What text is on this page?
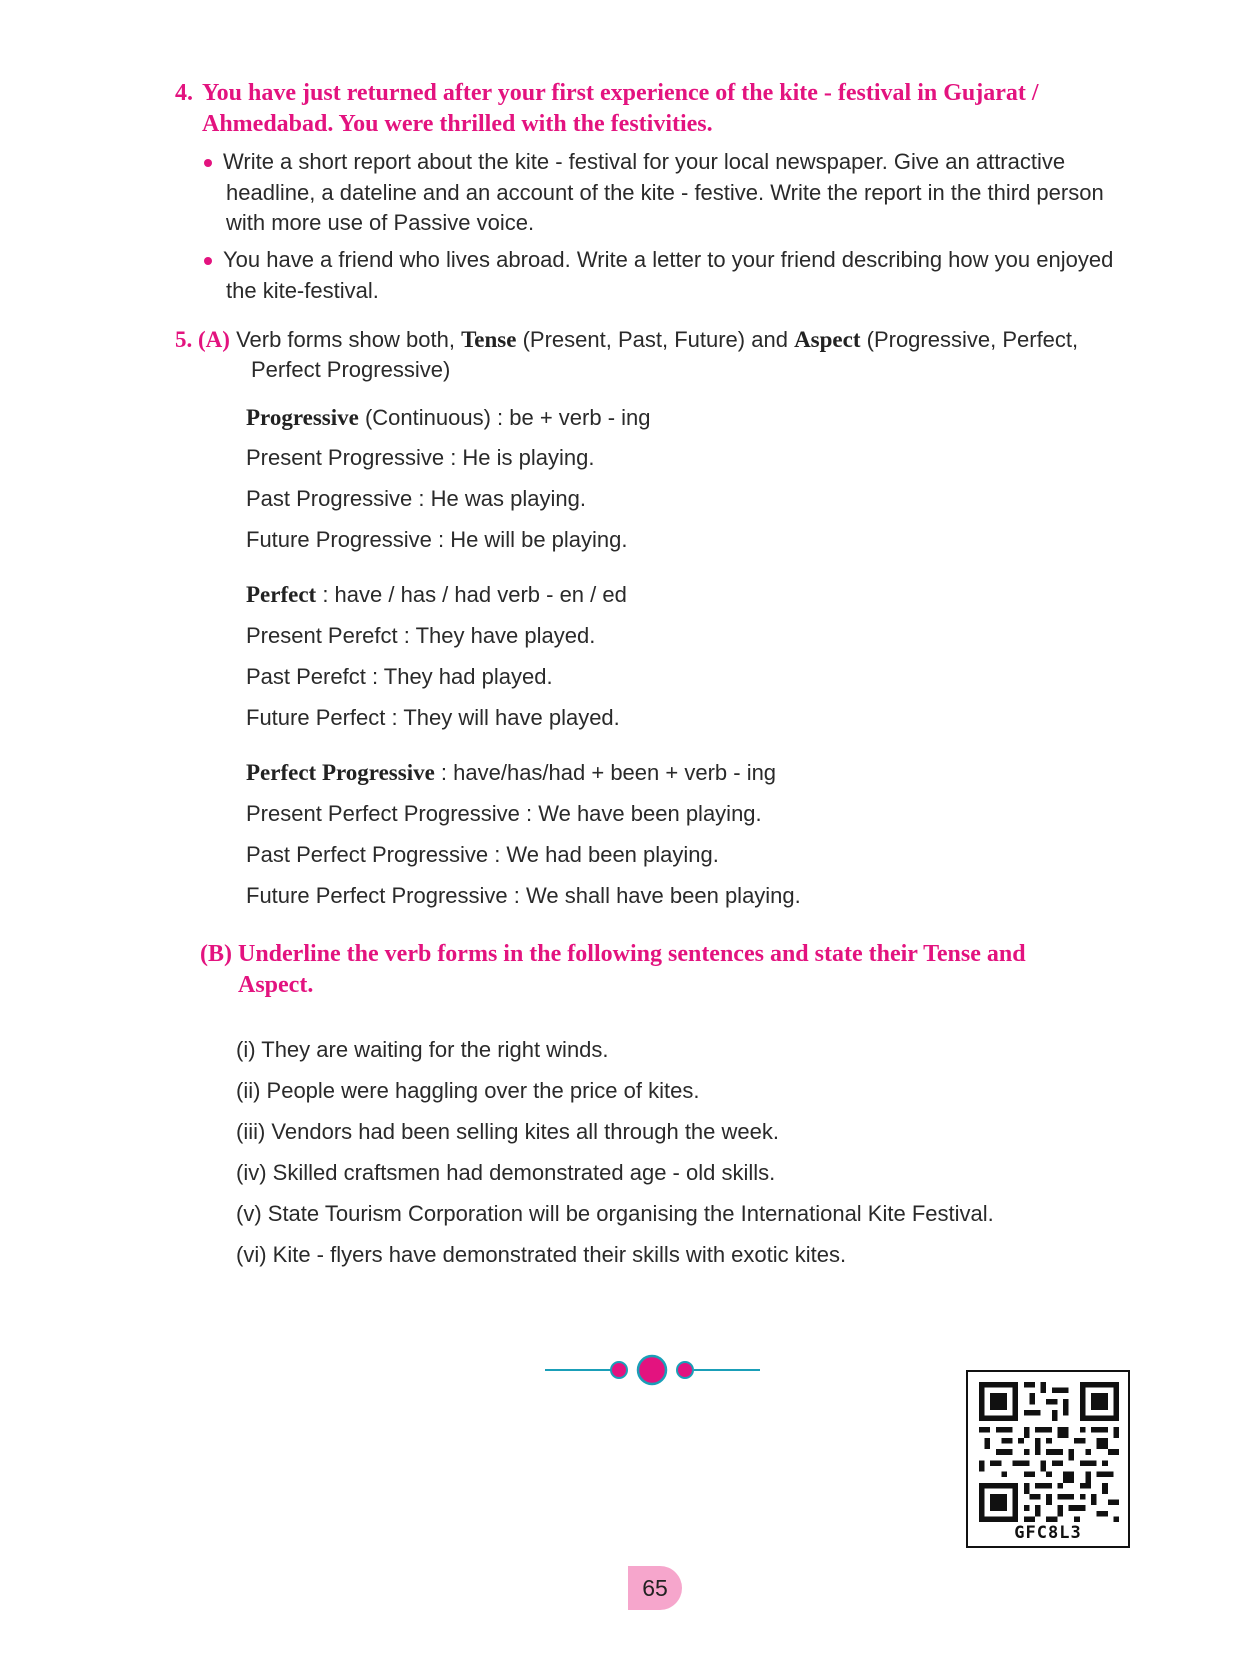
4. You have just returned after your first experience of the kite - festival in Gujarat / Ahmedabad. You were thrilled with the festivities.
Write a short report about the kite - festival for your local newspaper. Give an attractive headline, a dateline and an account of the kite - festive. Write the report in the third person with more use of Passive voice.
You have a friend who lives abroad. Write a letter to your friend describing how you enjoyed the kite-festival.
5. (A) Verb forms show both, Tense (Present, Past, Future) and Aspect (Progressive, Perfect,
Perfect Progressive)
Progressive (Continuous) : be + verb - ing
Present Progressive : He is playing.
Past Progressive : He was playing.
Future Progressive : He will be playing.
Perfect : have / has / had verb - en / ed
Present Perefct : They have played.
Past Perefct : They had played.
Future Perfect : They will have played.
Perfect Progressive : have/has/had + been + verb - ing
Present Perfect Progressive : We have been playing.
Past Perfect Progressive : We had been playing.
Future Perfect Progressive : We shall have been playing.
(B) Underline the verb forms in the following sentences and state their Tense and
Aspect.
(i) They are waiting for the right winds.
(ii) People were haggling over the price of kites.
(iii) Vendors had been selling kites all through the week.
(iv) Skilled craftsmen had demonstrated age - old skills.
(v) State Tourism Corporation will be organising the International Kite Festival.
(vi) Kite - flyers have demonstrated their skills with exotic kites.
GFC8L3
65
